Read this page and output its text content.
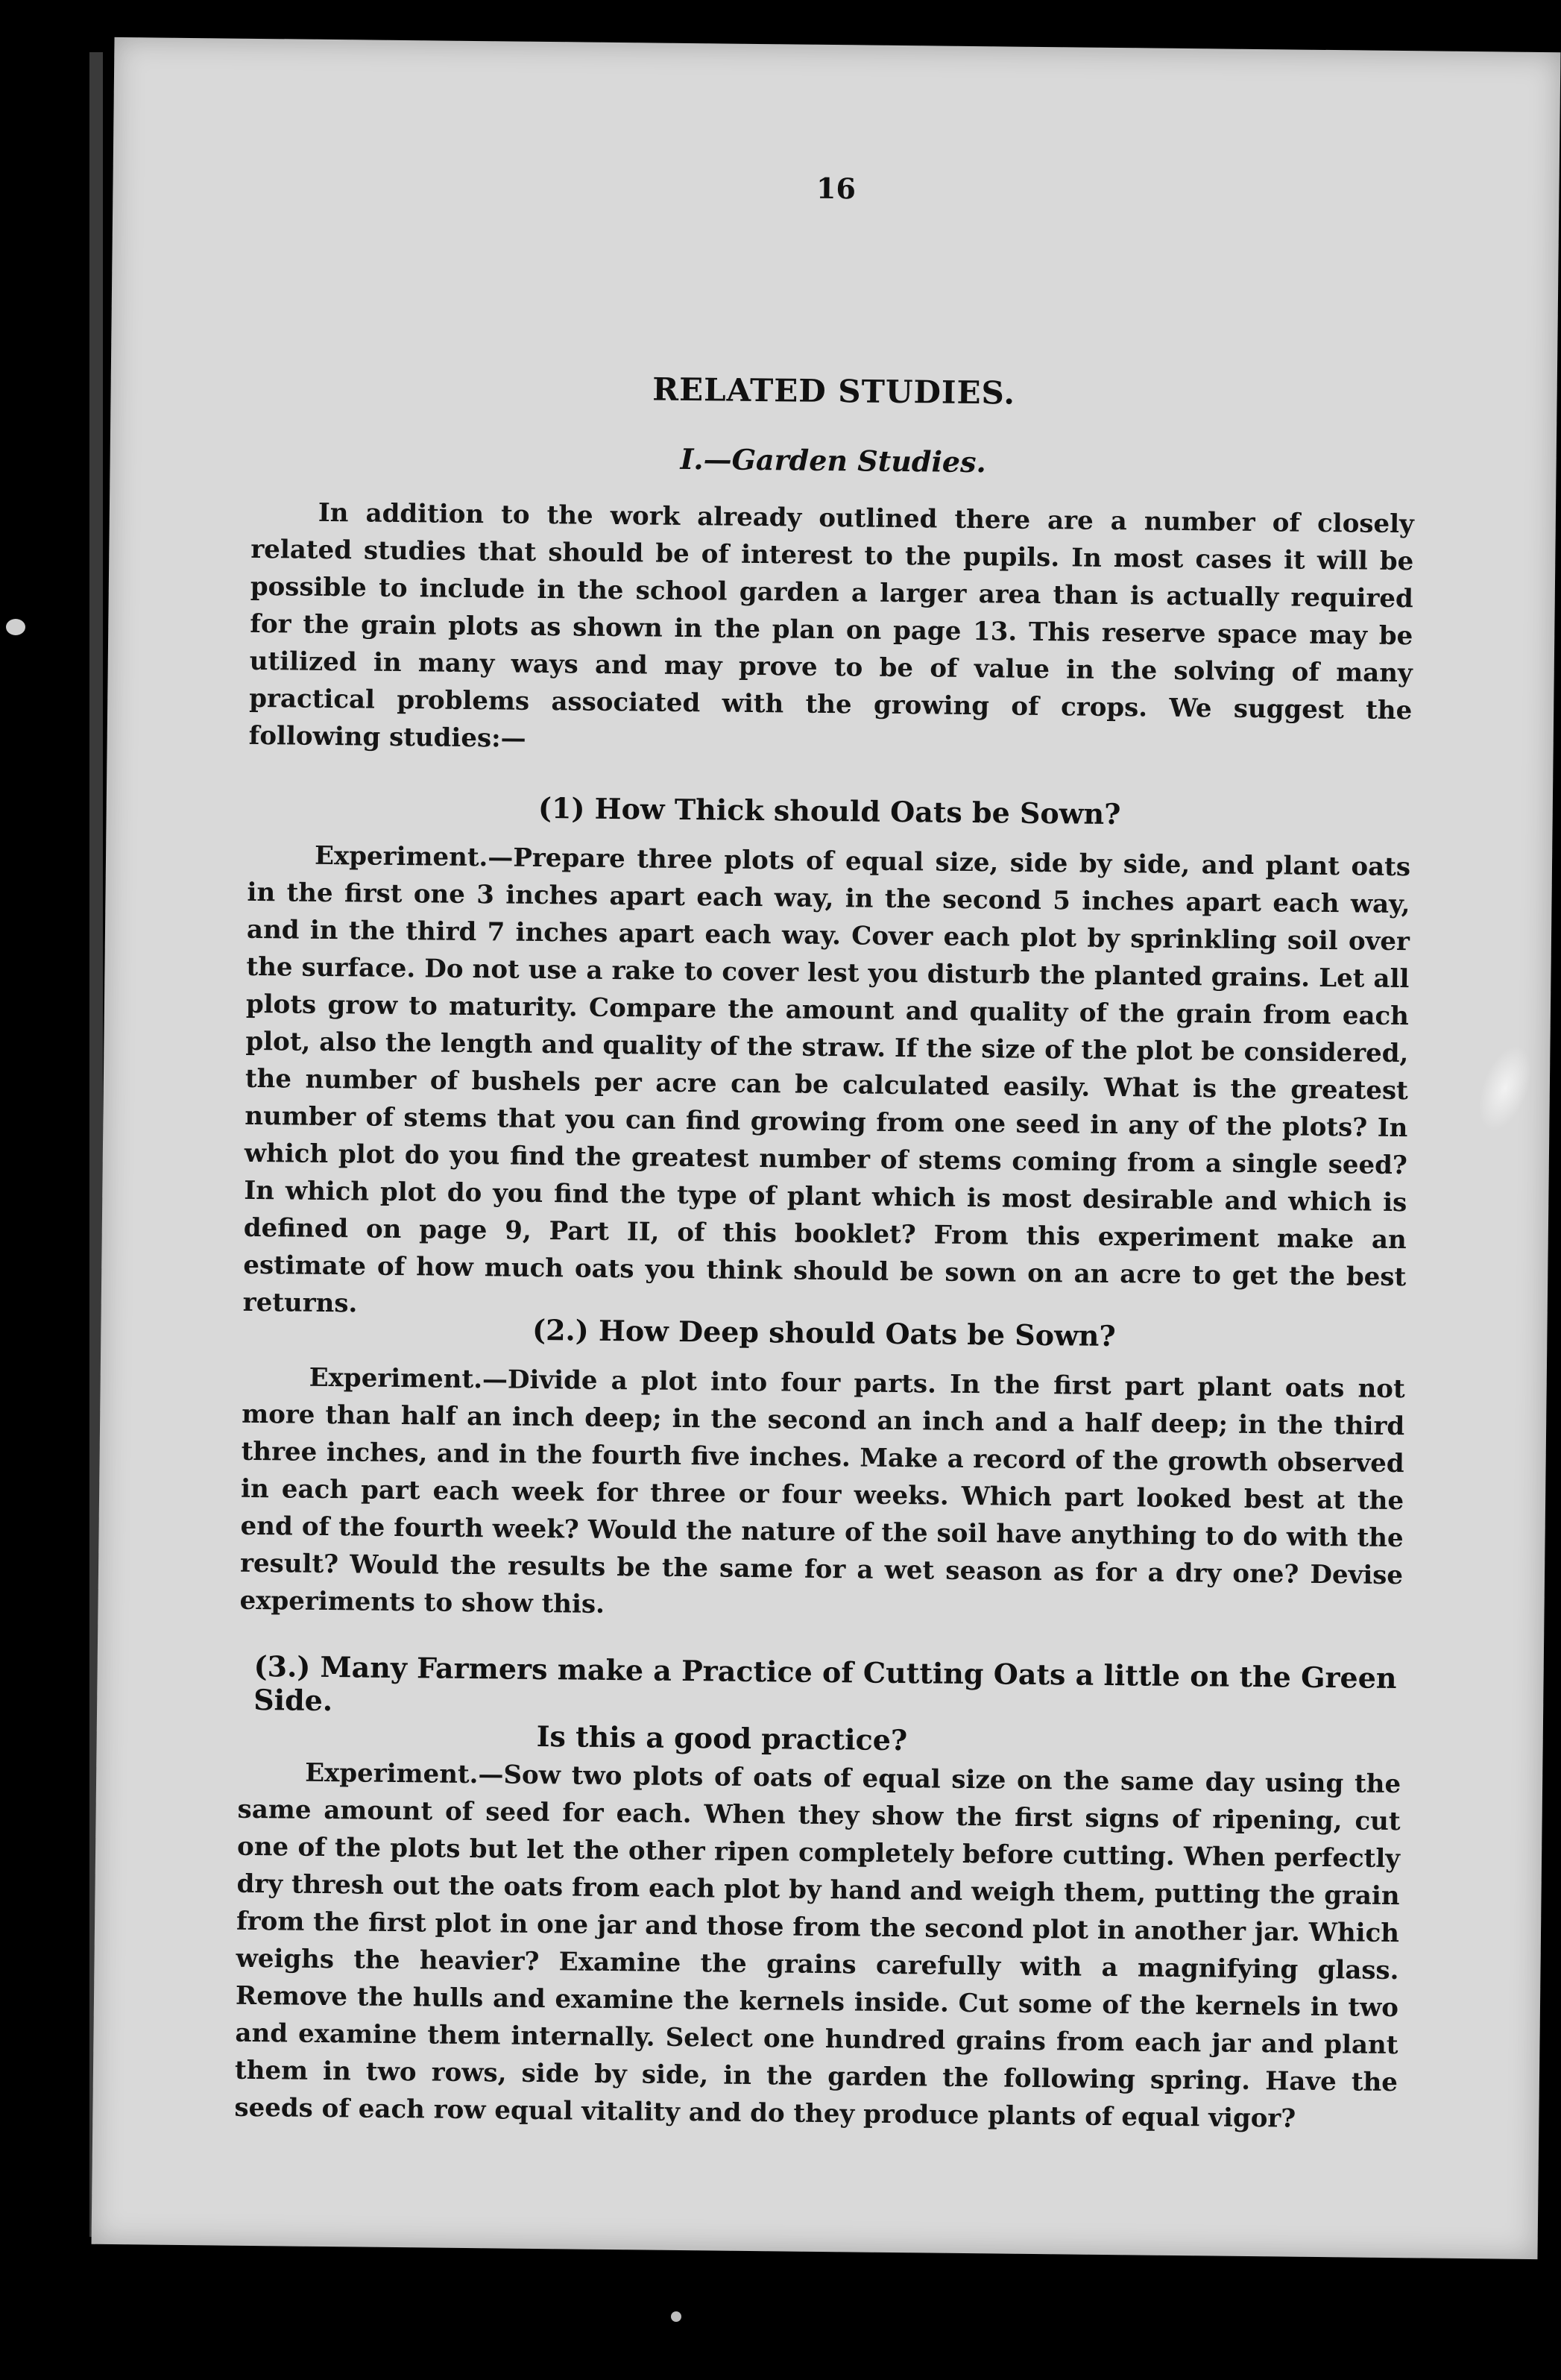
16
RELATED STUDIES.
I.—Garden Studies.

In addition to the work already outlined there are a number of closely related studies that should be of interest to the pupils. In most cases it will be possible to include in the school garden a larger area than is actually required for the grain plots as shown in the plan on page 13. This reserve space may be utilized in many ways and may prove to be of value in the solving of many practical problems associated with the growing of crops. We suggest the following studies:—

(1) How Thick should Oats be Sown?

Experiment.—Prepare three plots of equal size, side by side, and plant oats in the first one 3 inches apart each way, in the second 5 inches apart each way, and in the third 7 inches apart each way. Cover each plot by sprinkling soil over the surface. Do not use a rake to cover lest you disturb the planted grains. Let all plots grow to maturity. Compare the amount and quality of the grain from each plot, also the length and quality of the straw. If the size of the plot be considered, the number of bushels per acre can be calculated easily. What is the greatest number of stems that you can find growing from one seed in any of the plots? In which plot do you find the greatest number of stems coming from a single seed? In which plot do you find the type of plant which is most desirable and which is defined on page 9, Part II, of this booklet? From this experiment make an estimate of how much oats you think should be sown on an acre to get the best returns.

(2.) How Deep should Oats be Sown?

Experiment.—Divide a plot into four parts. In the first part plant oats not more than half an inch deep; in the second an inch and a half deep; in the third three inches, and in the fourth five inches. Make a record of the growth observed in each part each week for three or four weeks. Which part looked best at the end of the fourth week? Would the nature of the soil have anything to do with the result? Would the results be the same for a wet season as for a dry one? Devise experiments to show this.

(3.) Many Farmers make a Practice of Cutting Oats a little on the Green Side.
Is this a good practice?

Experiment.—Sow two plots of oats of equal size on the same day using the same amount of seed for each. When they show the first signs of ripening, cut one of the plots but let the other ripen completely before cutting. When perfectly dry thresh out the oats from each plot by hand and weigh them, putting the grain from the first plot in one jar and those from the second plot in another jar. Which weighs the heavier? Examine the grains carefully with a magnifying glass. Remove the hulls and examine the kernels inside. Cut some of the kernels in two and examine them internally. Select one hundred grains from each jar and plant them in two rows, side by side, in the garden the following spring. Have the seeds of each row equal vitality and do they produce plants of equal vigor?
